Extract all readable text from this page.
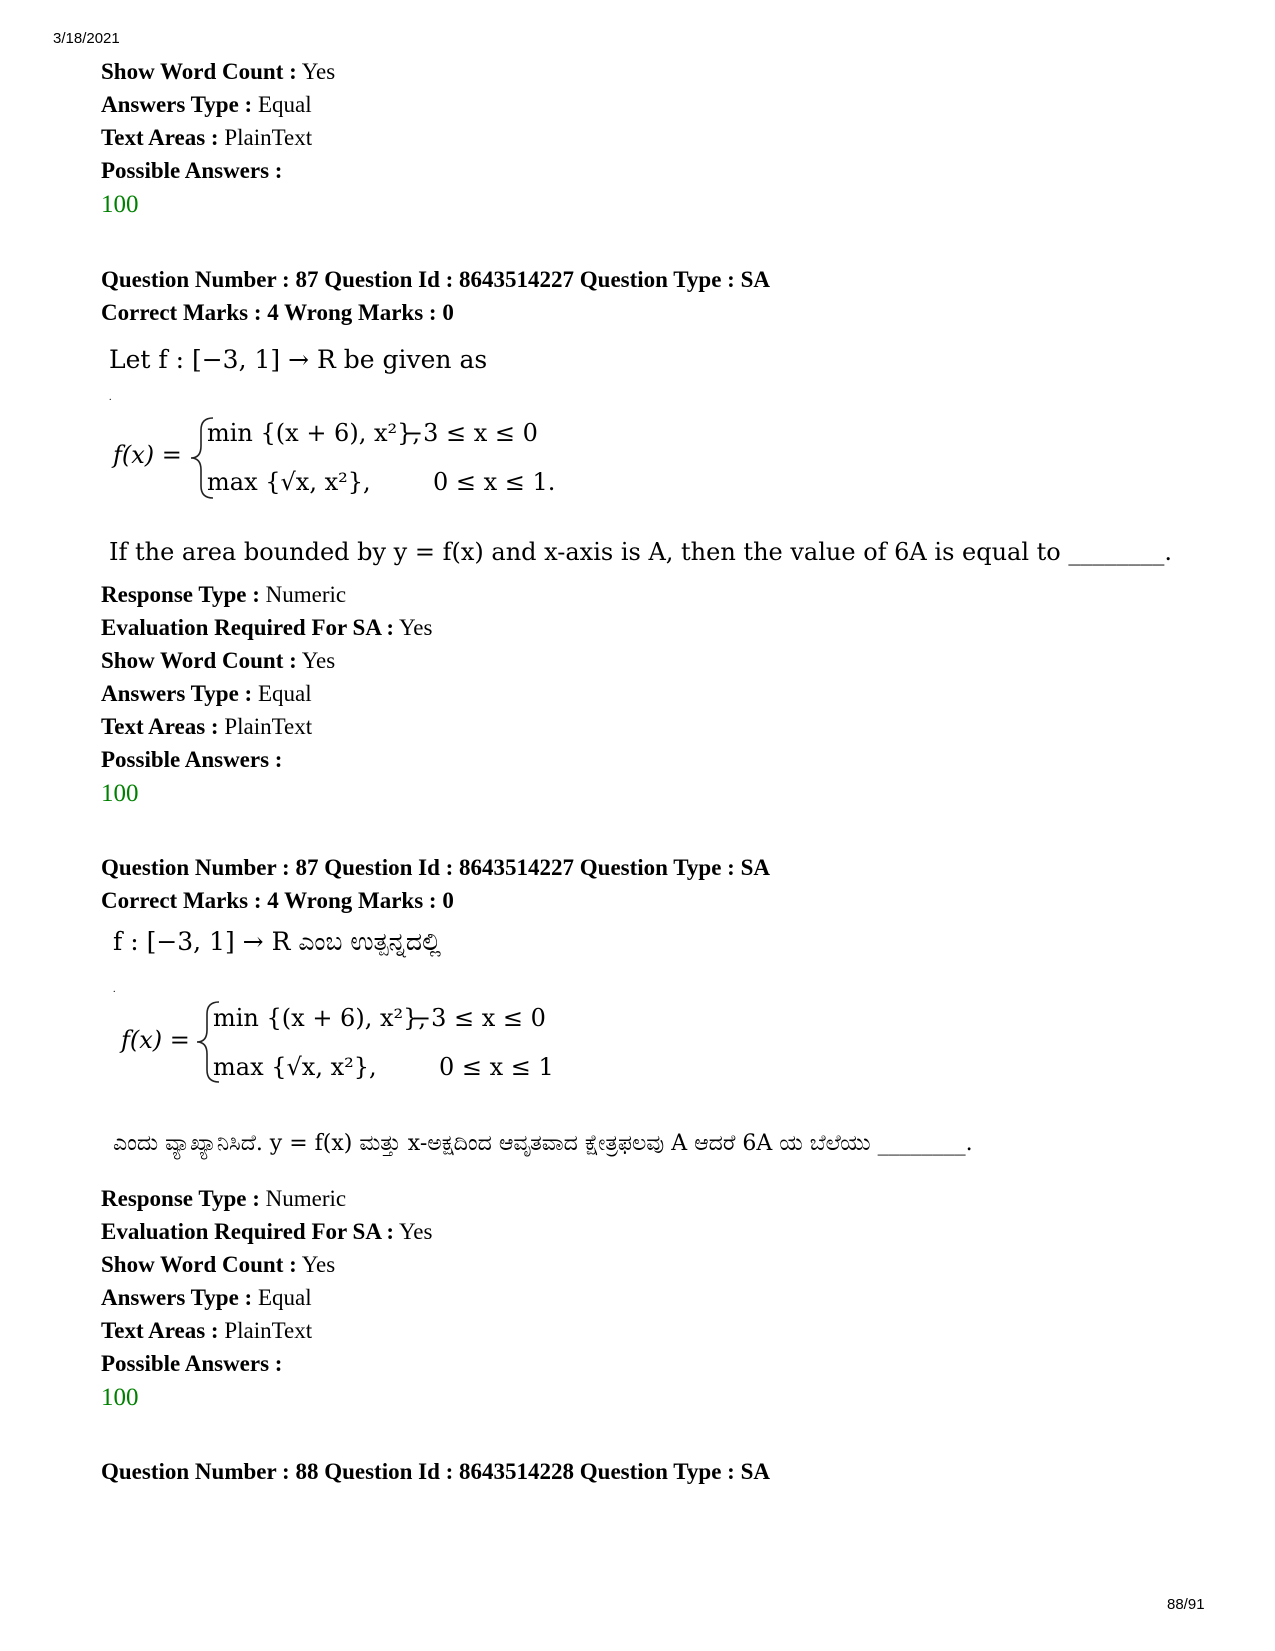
3/18/2021
Show Word Count : Yes
Answers Type : Equal
Text Areas : PlainText
Possible Answers :
100
Question Number : 87 Question Id : 8643514227 Question Type : SA
Correct Marks : 4 Wrong Marks : 0
Let f : [−3, 1] → R be given as
.
f(x) =
min {(x + 6), x²},
−3 ≤ x ≤ 0
max {√x, x²},	0 ≤ x ≤ 1.
If the area bounded by y = f(x) and x-axis is A, then the value of 6A is equal to ________.
Response Type : Numeric
Evaluation Required For SA : Yes
Show Word Count : Yes
Answers Type : Equal
Text Areas : PlainText
Possible Answers :
100
Question Number : 87 Question Id : 8643514227 Question Type : SA
Correct Marks : 4 Wrong Marks : 0
f : [−3, 1] → R ಎಂಬ ಉತ್ಪನ್ನದಲ್ಲಿ
.
f(x) =
min {(x + 6), x²},
−3 ≤ x ≤ 0
max {√x, x²},	0 ≤ x ≤ 1
ಎಂದು ವ್ಯಾಖ್ಯಾನಿಸಿದೆ. y = f(x) ಮತ್ತು x-ಅಕ್ಷದಿಂದ ಆವೃತವಾದ ಕ್ಷೇತ್ರಫಲವು A ಆದರೆ 6A ಯ ಬೆಲೆಯು ________.
Response Type : Numeric
Evaluation Required For SA : Yes
Show Word Count : Yes
Answers Type : Equal
Text Areas : PlainText
Possible Answers :
100
Question Number : 88 Question Id : 8643514228 Question Type : SA
88/91
